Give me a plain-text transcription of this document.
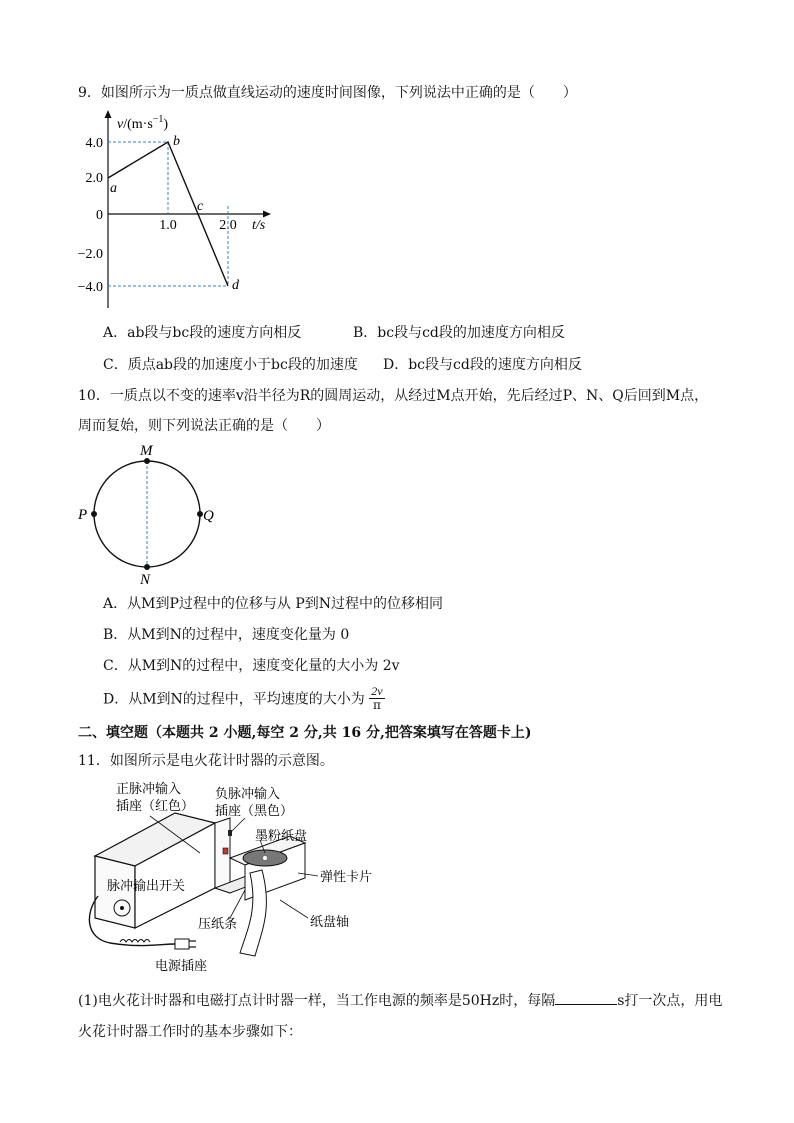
9．如图所示为一质点做直线运动的速度时间图像，下列说法中正确的是（　　）
$v/(m\cdot s^{-1})$
t/s
4.0
2.0
0
−2.0
−4.0
1.0	2.0
a
b
c
d
A．ab段与bc段的速度方向相反	B．bc段与cd段的加速度方向相反
C．质点ab段的加速度小于bc段的加速度 D．bc段与cd段的速度方向相反
10．一质点以不变的速率v沿半径为R的圆周运动，从经过M点开始，先后经过P、N、Q后回到M点，
周而复始，则下列说法正确的是（　　）
M
N
P	Q
A．从M到P过程中的位移与从 P到N过程中的位移相同
B．从M到N的过程中，速度变化量为 0
C．从M到N的过程中，速度变化量的大小为 2v
D．从M到N的过程中，平均速度的大小为 $\frac{2v}{\pi}$
二、填空题（本题共 2 小题,每空 2 分,共 16 分,把答案填写在答题卡上)
11．如图所示是电火花计时器的示意图。
正脉冲输入
插座（红色）
负脉冲输入
插座（黑色）
墨粉纸盘
弹性卡片
脉冲输出开关
压纸条	纸盘轴
电源插座
(1)电火花计时器和电磁打点计时器一样，当工作电源的频率是50Hz时，每隔	s打一次点，用电
火花计时器工作时的基本步骤如下：
